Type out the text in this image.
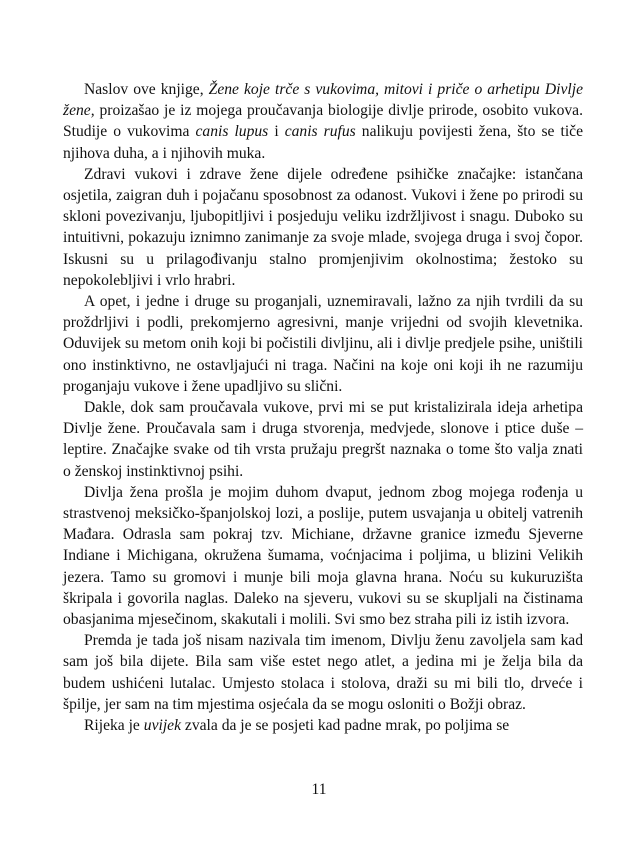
Naslov ove knjige, Žene koje trče s vukovima, mitovi i priče o arhetipu Divlje žene, proizašao je iz mojega proučavanja biologije divlje prirode, osobito vukova. Studije o vukovima canis lupus i canis rufus nalikuju povijesti žena, što se tiče njihova duha, a i njihovih muka.

Zdravi vukovi i zdrave žene dijele određene psihičke značajke: istančana osjetila, zaigran duh i pojačanu sposobnost za odanost. Vukovi i žene po prirodi su skloni povezivanju, ljubopitljivi i posjeduju veliku izdržljivost i snagu. Duboko su intuitivni, pokazuju iznimno zanimanje za svoje mlade, svojega druga i svoj čopor. Iskusni su u prilagođivanju stalno promjenjivim okolnostima; žestoko su nepokolebljivi i vrlo hrabri.

A opet, i jedne i druge su proganjali, uznemiravali, lažno za njih tvrdili da su proždrljivi i podli, prekomjerno agresivni, manje vrijedni od svojih klevetnika. Oduvijek su metom onih koji bi počistili divljinu, ali i divlje predjele psihe, uništili ono instinktivno, ne ostavljajući ni traga. Načini na koje oni koji ih ne razumiju proganjaju vukove i žene upadljivo su slični.

Dakle, dok sam proučavala vukove, prvi mi se put kristalizirala ideja arhetipa Divlje žene. Proučavala sam i druga stvorenja, medvjede, slonove i ptice duše – leptire. Značajke svake od tih vrsta pružaju pregršt naznaka o tome što valja znati o ženskoj instinktivnoj psihi.

Divlja žena prošla je mojim duhom dvaput, jednom zbog mojega rođenja u strastvenoj meksičko-španjolskoj lozi, a poslije, putem usvajanja u obitelj vatrenih Mađara. Odrasla sam pokraj tzv. Michiane, državne granice između Sjeverne Indiane i Michigana, okružena šumama, voćnjacima i poljima, u blizini Velikih jezera. Tamo su gromovi i munje bili moja glavna hrana. Noću su kukuruzišta škripala i govorila naglas. Daleko na sjeveru, vukovi su se skupljali na čistinama obasjanima mjesečinom, skakutali i molili. Svi smo bez straha pili iz istih izvora.

Premda je tada još nisam nazivala tim imenom, Divlju ženu zavoljela sam kad sam još bila dijete. Bila sam više estet nego atlet, a jedina mi je želja bila da budem ushićeni lutalac. Umjesto stolaca i stolova, draži su mi bili tlo, drveće i špilje, jer sam na tim mjestima osjećala da se mogu osloniti o Božji obraz.

Rijeka je uvijek zvala da je se posjeti kad padne mrak, po poljima se

11
